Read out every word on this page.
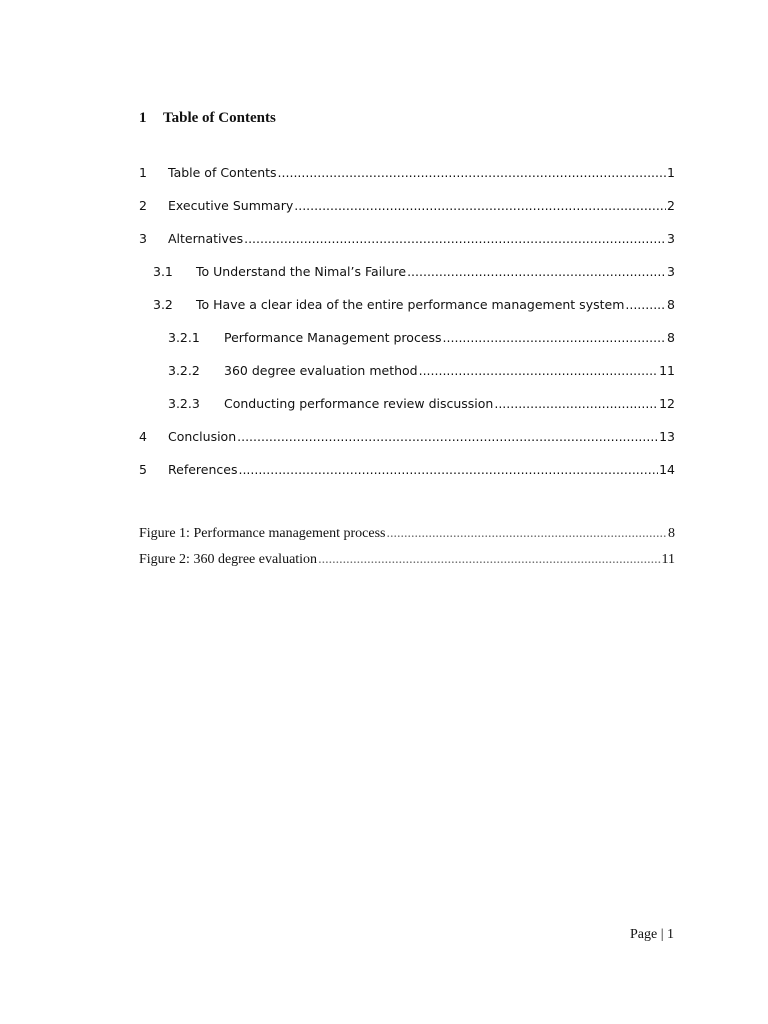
1	Table of Contents
1	Table of Contents .....	1
2	Executive Summary .....	2
3	Alternatives .....	3
3.1	To Understand the Nimal’s Failure .....	3
3.2	To Have a clear idea of the entire performance management system .....	8
3.2.1	Performance Management process .....	8
3.2.2	360 degree evaluation method .....	11
3.2.3	Conducting performance review discussion .....	12
4	Conclusion .....	13
5	References .....	14
Figure 1: Performance management process .....	8
Figure 2: 360 degree evaluation .....	11
Page | 1
